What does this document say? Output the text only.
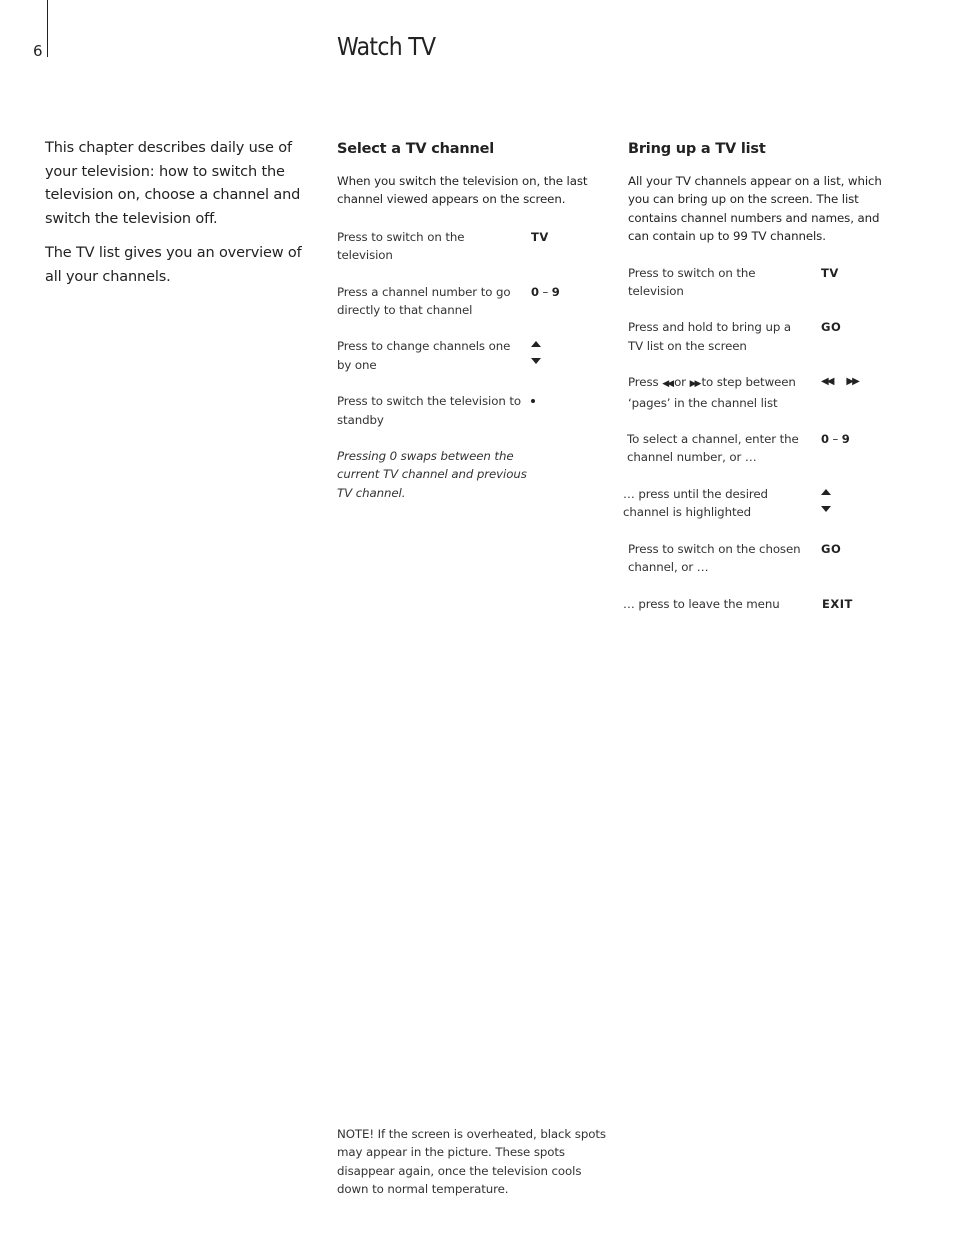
6	Watch TV

This chapter describes daily use of your television: how to switch the television on, choose a channel and switch the television off.

The TV list gives you an overview of all your channels.

Select a TV channel

When you switch the television on, the last channel viewed appears on the screen.

Press to switch on the television
TV
Press a channel number to go directly to that channel
0 – 9
Press to change channels one by one
Press to switch the television to standby
Pressing 0 swaps between the current TV channel and previous TV channel.
Bring up a TV list

All your TV channels appear on a list, which you can bring up on the screen. The list contains channel numbers and names, and can contain up to 99 TV channels.

Press to switch on the television
TV
Press and hold to bring up a TV list on the screen
GO
Press ◀◀ or ▶▶ to step between ‘pages’ in the channel list
◀◀ ▶▶
To select a channel, enter the channel number, or …
0 – 9
… press until the desired channel is highlighted
Press to switch on the chosen channel, or …
GO
… press to leave the menu	EXIT
NOTE! If the screen is overheated, black spots may appear in the picture. These spots disappear again, once the television cools down to normal temperature.
